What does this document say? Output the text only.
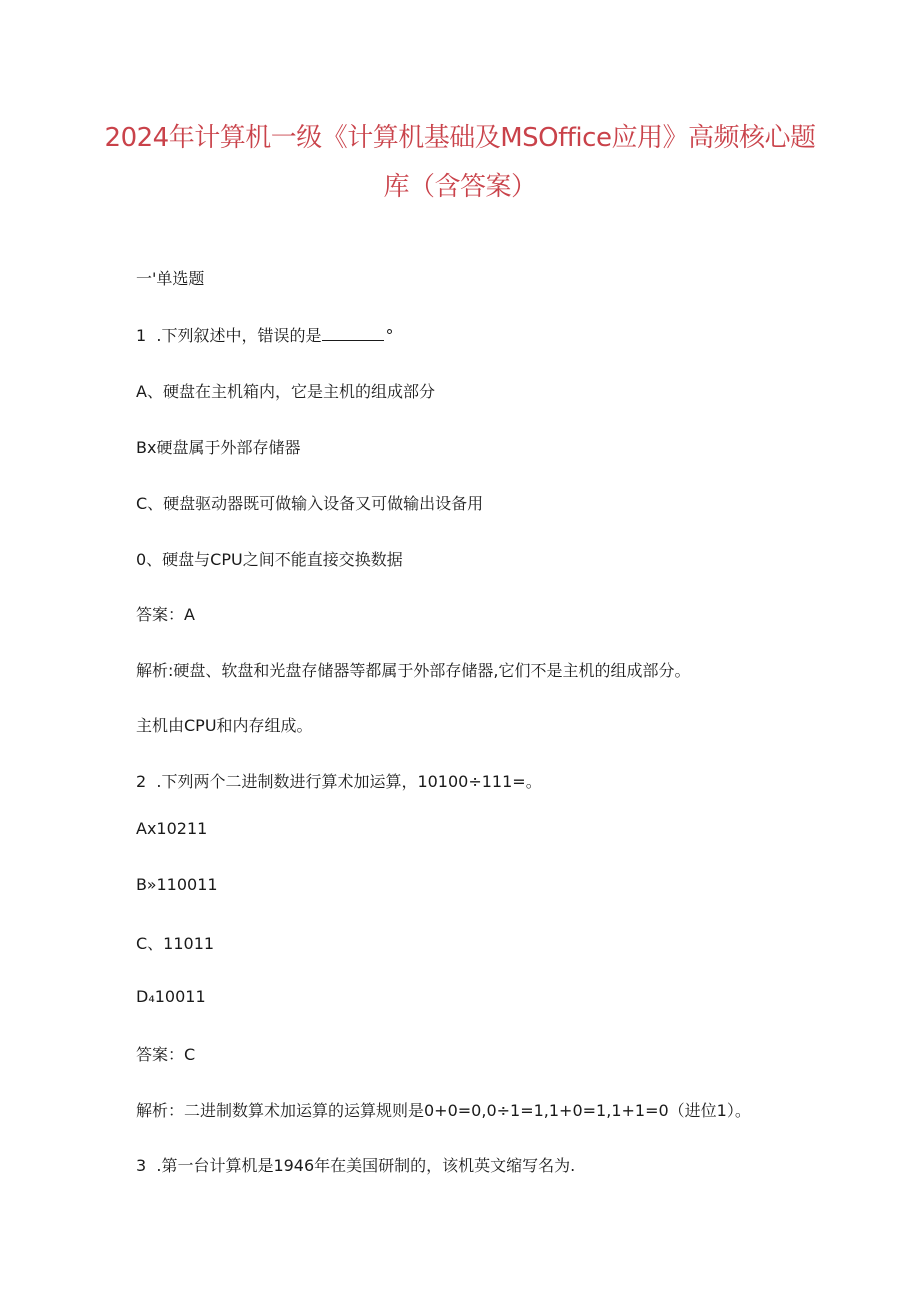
2024年计算机一级《计算机基础及MSOffice应用》高频核心题
库（含答案）
一'单选题
1  .下列叙述中，错误的是	°
A、硬盘在主机箱内，它是主机的组成部分
Bx硬盘属于外部存储器
C、硬盘驱动器既可做输入设备又可做输出设备用
0、硬盘与CPU之间不能直接交换数据
答案：A
解析:硬盘、软盘和光盘存储器等都属于外部存储器,它们不是主机的组成部分。
主机由CPU和内存组成。
2  .下列两个二进制数进行算术加运算，10100÷111=。
Ax10211
B»110011
C、11011
D₄10011
答案：C
解析：二进制数算术加运算的运算规则是0+0=0,0÷1=1,1+0=1,1+1=0（进位1）。
3  .第一台计算机是1946年在美国研制的，该机英文缩写名为.
